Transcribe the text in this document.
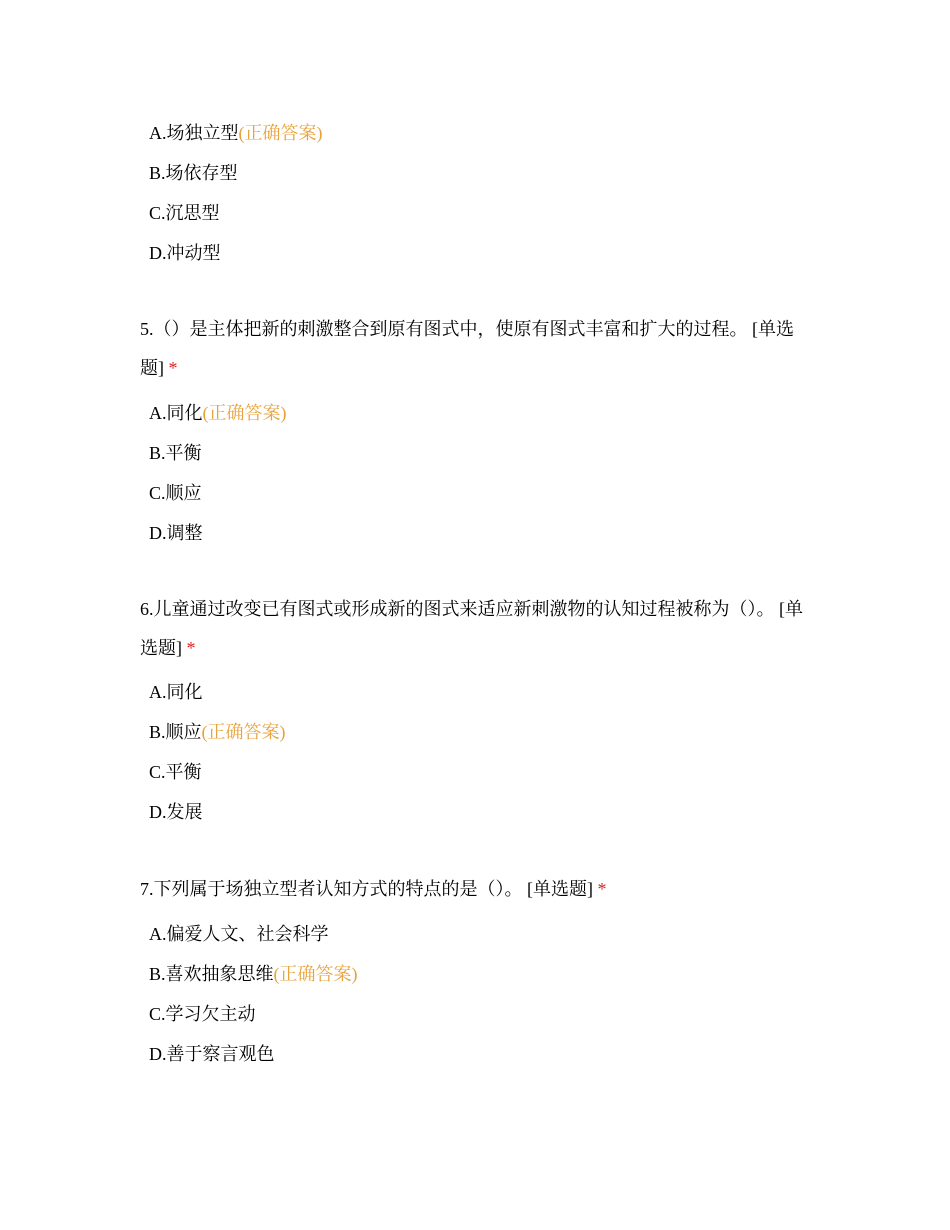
A.场独立型(正确答案)
B.场依存型
C.沉思型
D.冲动型
5.（）是主体把新的刺激整合到原有图式中，使原有图式丰富和扩大的过程。 [单选题] *
A.同化(正确答案)
B.平衡
C.顺应
D.调整
6.儿童通过改变已有图式或形成新的图式来适应新刺激物的认知过程被称为（）。 [单选题] *
A.同化
B.顺应(正确答案)
C.平衡
D.发展
7.下列属于场独立型者认知方式的特点的是（）。 [单选题] *
A.偏爱人文、社会科学
B.喜欢抽象思维(正确答案)
C.学习欠主动
D.善于察言观色
